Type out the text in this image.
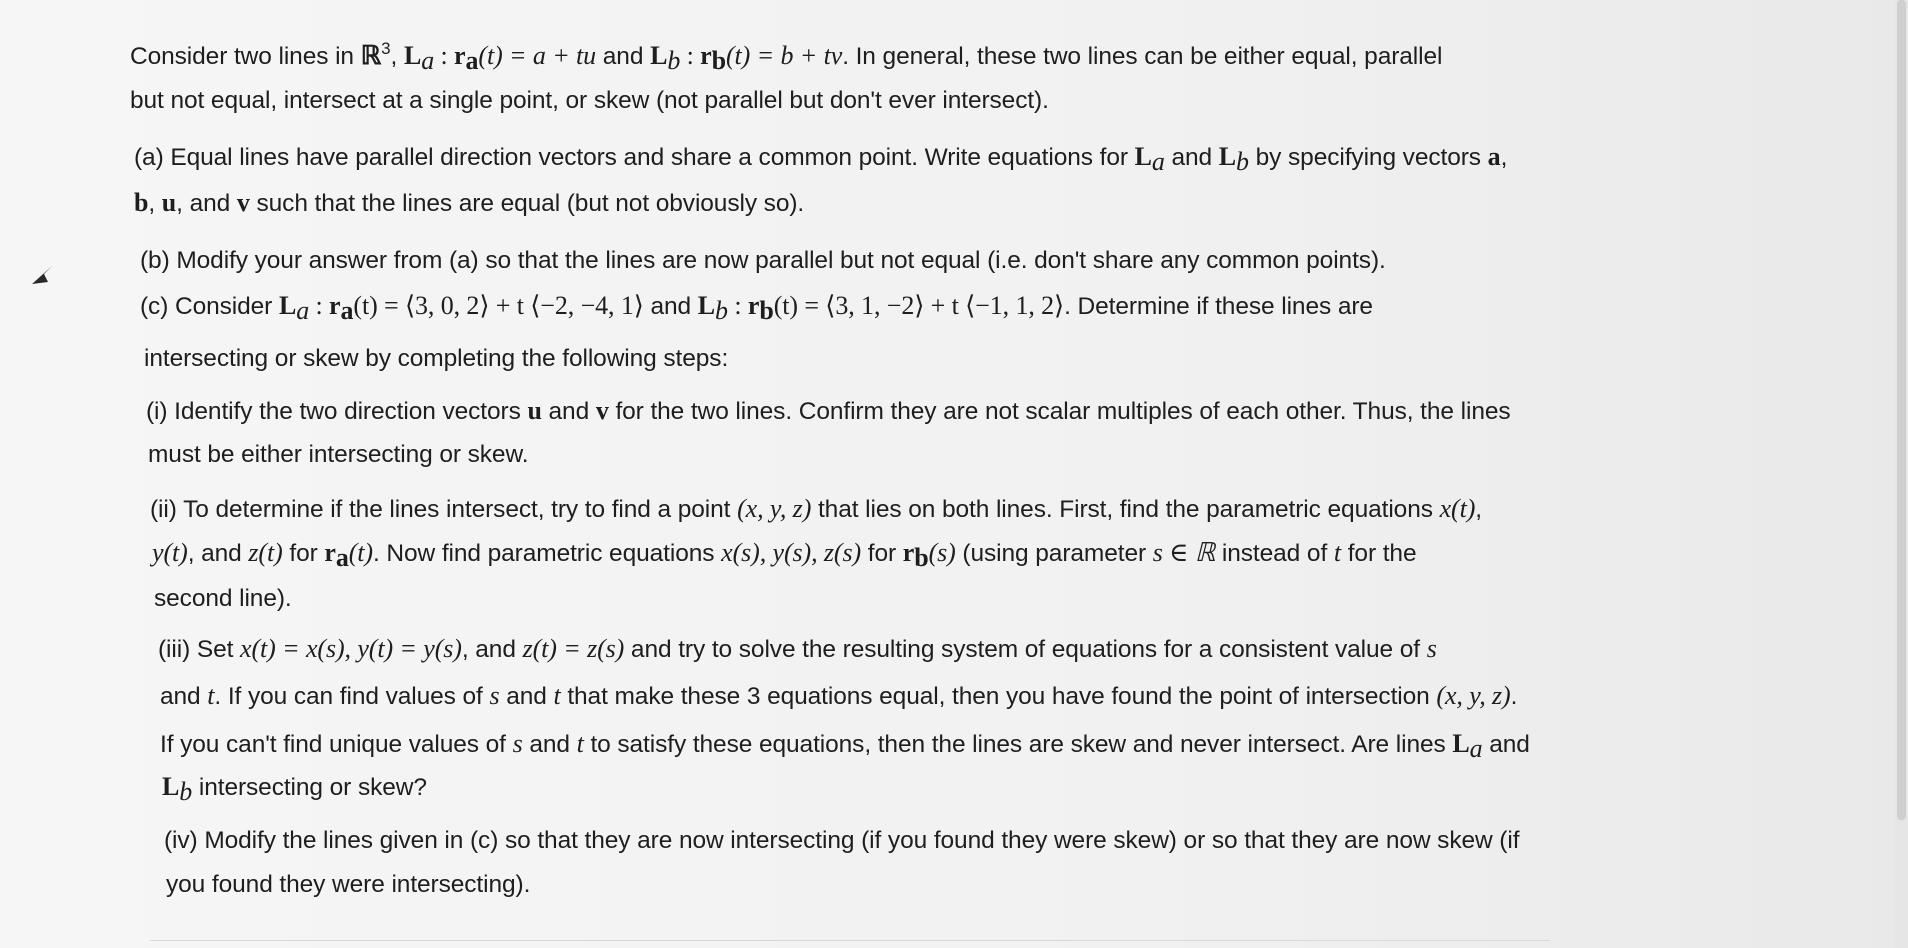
Consider two lines in ℝ$^3$, $L_a$ : $r_a(t) = a$ + tu and $L_b$ : $r_b(t) = b$ + tv. In general, these two lines can be either equal, parallel
but not equal, intersect at a single point, or skew (not parallel but don't ever intersect).
(a) Equal lines have parallel direction vectors and share a common point. Write equations for $L_a$ and $L_b$ by specifying vectors a,
b, u, and v such that the lines are equal (but not obviously so).
(b) Modify your answer from (a) so that the lines are now parallel but not equal (i.e. don't share any common points).
(c) Consider $L_a$ : $r_a(t)$ = ⟨3, 0, 2⟩ + t ⟨−2, −4, 1⟩ and $L_b$ : $r_b(t)$ = ⟨3, 1, −2⟩ + t ⟨−1, 1, 2⟩. Determine if these lines are
intersecting or skew by completing the following steps:
(i) Identify the two direction vectors u and v for the two lines. Confirm they are not scalar multiples of each other. Thus, the lines
must be either intersecting or skew.
(ii) To determine if the lines intersect, try to find a point (x, y, z) that lies on both lines. First, find the parametric equations x(t),
y(t), and z(t) for $r_a(t)$. Now find parametric equations x(s), y(s), z(s) for $r_b(s)$ (using parameter s ∈ ℝ instead of t for the
second line).
(iii) Set x(t) = x(s), y(t) = y(s), and z(t) = z(s) and try to solve the resulting system of equations for a consistent value of s
and t. If you can find values of s and t that make these 3 equations equal, then you have found the point of intersection (x, y, z).
If you can't find unique values of s and t to satisfy these equations, then the lines are skew and never intersect. Are lines $L_a$ and
$L_b$ intersecting or skew?
(iv) Modify the lines given in (c) so that they are now intersecting (if you found they were skew) or so that they are now skew (if
you found they were intersecting).
